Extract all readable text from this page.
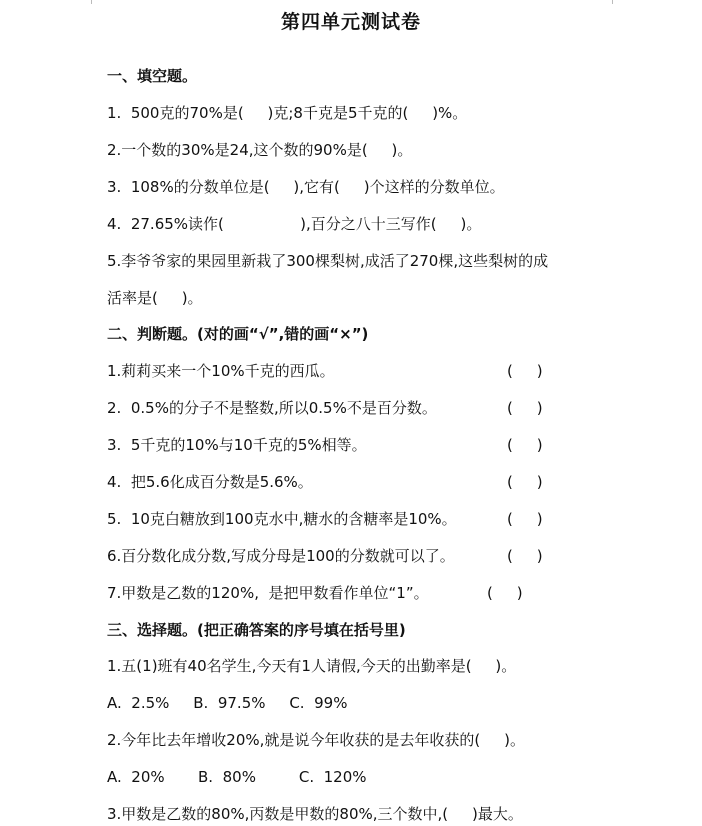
第四单元测试卷
一、填空题。
1.  500克的70%是(     )克;8千克是5千克的(     )%。
2.一个数的30%是24,这个数的90%是(     )。
3.  108%的分数单位是(     ),它有(     )个这样的分数单位。
4.  27.65%读作(                ),百分之八十三写作(     )。
5.李爷爷家的果园里新栽了300棵梨树,成活了270棵,这些梨树的成
活率是(     )。
二、判断题。(对的画“√”,错的画“×”)
1.莉莉买来一个10%千克的西瓜。	(     )
2.  0.5%的分子不是整数,所以0.5%不是百分数。	(     )
3.  5千克的10%与10千克的5%相等。	(     )
4.  把5.6化成百分数是5.6%。	(     )
5.  10克白糖放到100克水中,糖水的含糖率是10%。	(     )
6.百分数化成分数,写成分母是100的分数就可以了。	(     )
7.甲数是乙数的120%,  是把甲数看作单位“1”。	(     )
三、选择题。(把正确答案的序号填在括号里)
1.五(1)班有40名学生,今天有1人请假,今天的出勤率是(     )。
A.  2.5%     B.  97.5%     C.  99%
2.今年比去年增收20%,就是说今年收获的是去年收获的(     )。
A.  20%       B.  80%         C.  120%
3.甲数是乙数的80%,丙数是甲数的80%,三个数中,(     )最大。
